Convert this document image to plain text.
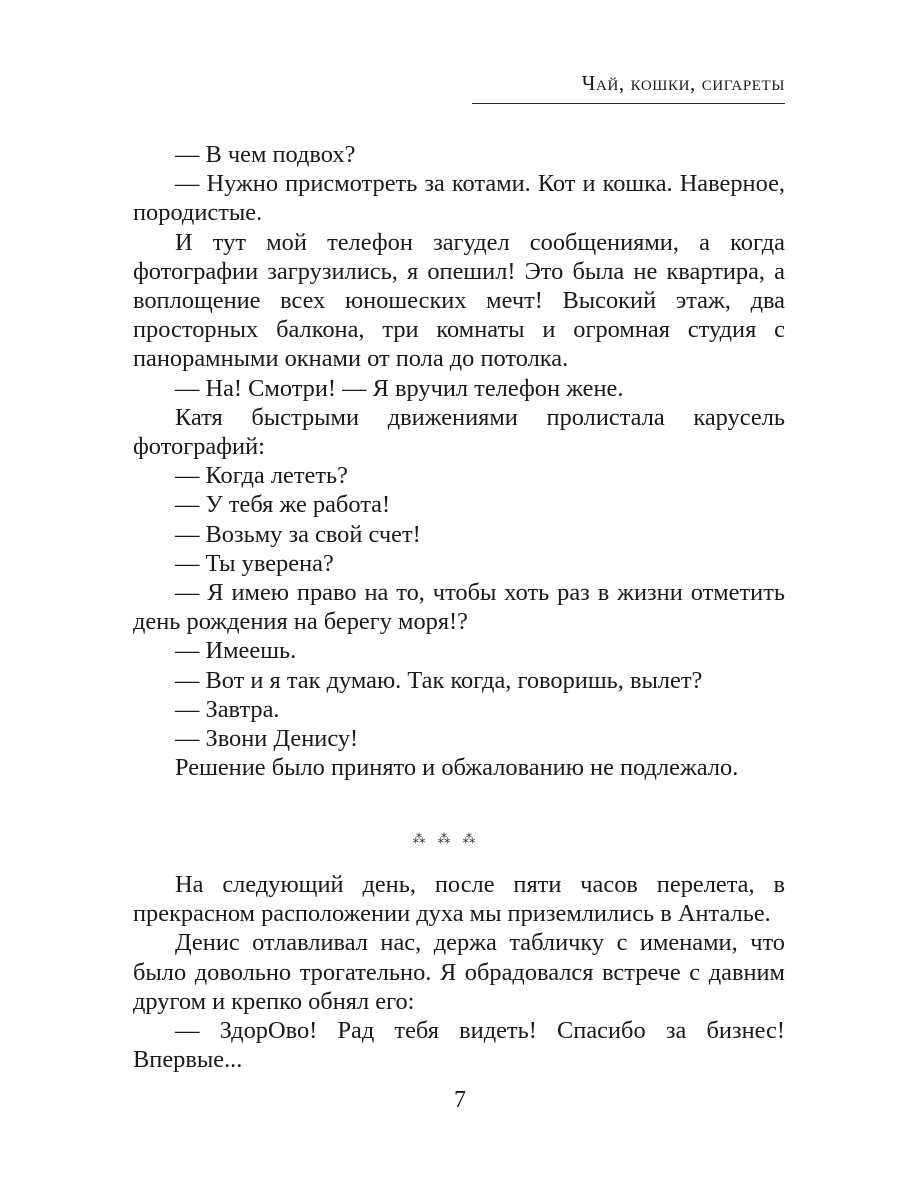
Чай, кошки, сигареты

— В чем подвох?

— Нужно присмотреть за котами. Кот и кошка. Наверное, породистые.

И тут мой телефон загудел сообщениями, а когда фотографии загрузились, я опешил! Это была не квартира, а воплощение всех юношеских мечт! Высокий этаж, два просторных балкона, три комнаты и огромная студия с панорамными окнами от пола до потолка.

— На! Смотри! — Я вручил телефон жене.

Катя быстрыми движениями пролистала карусель фотографий:

— Когда лететь?

— У тебя же работа!

— Возьму за свой счет!

— Ты уверена?

— Я имею право на то, чтобы хоть раз в жизни отметить день рождения на берегу моря!?

— Имеешь.

— Вот и я так думаю. Так когда, говоришь, вылет?

— Завтра.

— Звони Денису!

Решение было принято и обжалованию не подлежало.

⁂⁂⁂

На следующий день, после пяти часов перелета, в прекрасном расположении духа мы приземлились в Анталье.

Денис отлавливал нас, держа табличку с именами, что было довольно трогательно. Я обрадовался встрече с давним другом и крепко обнял его:

— ЗдорОво! Рад тебя видеть! Спасибо за бизнес! Впервые...

7
